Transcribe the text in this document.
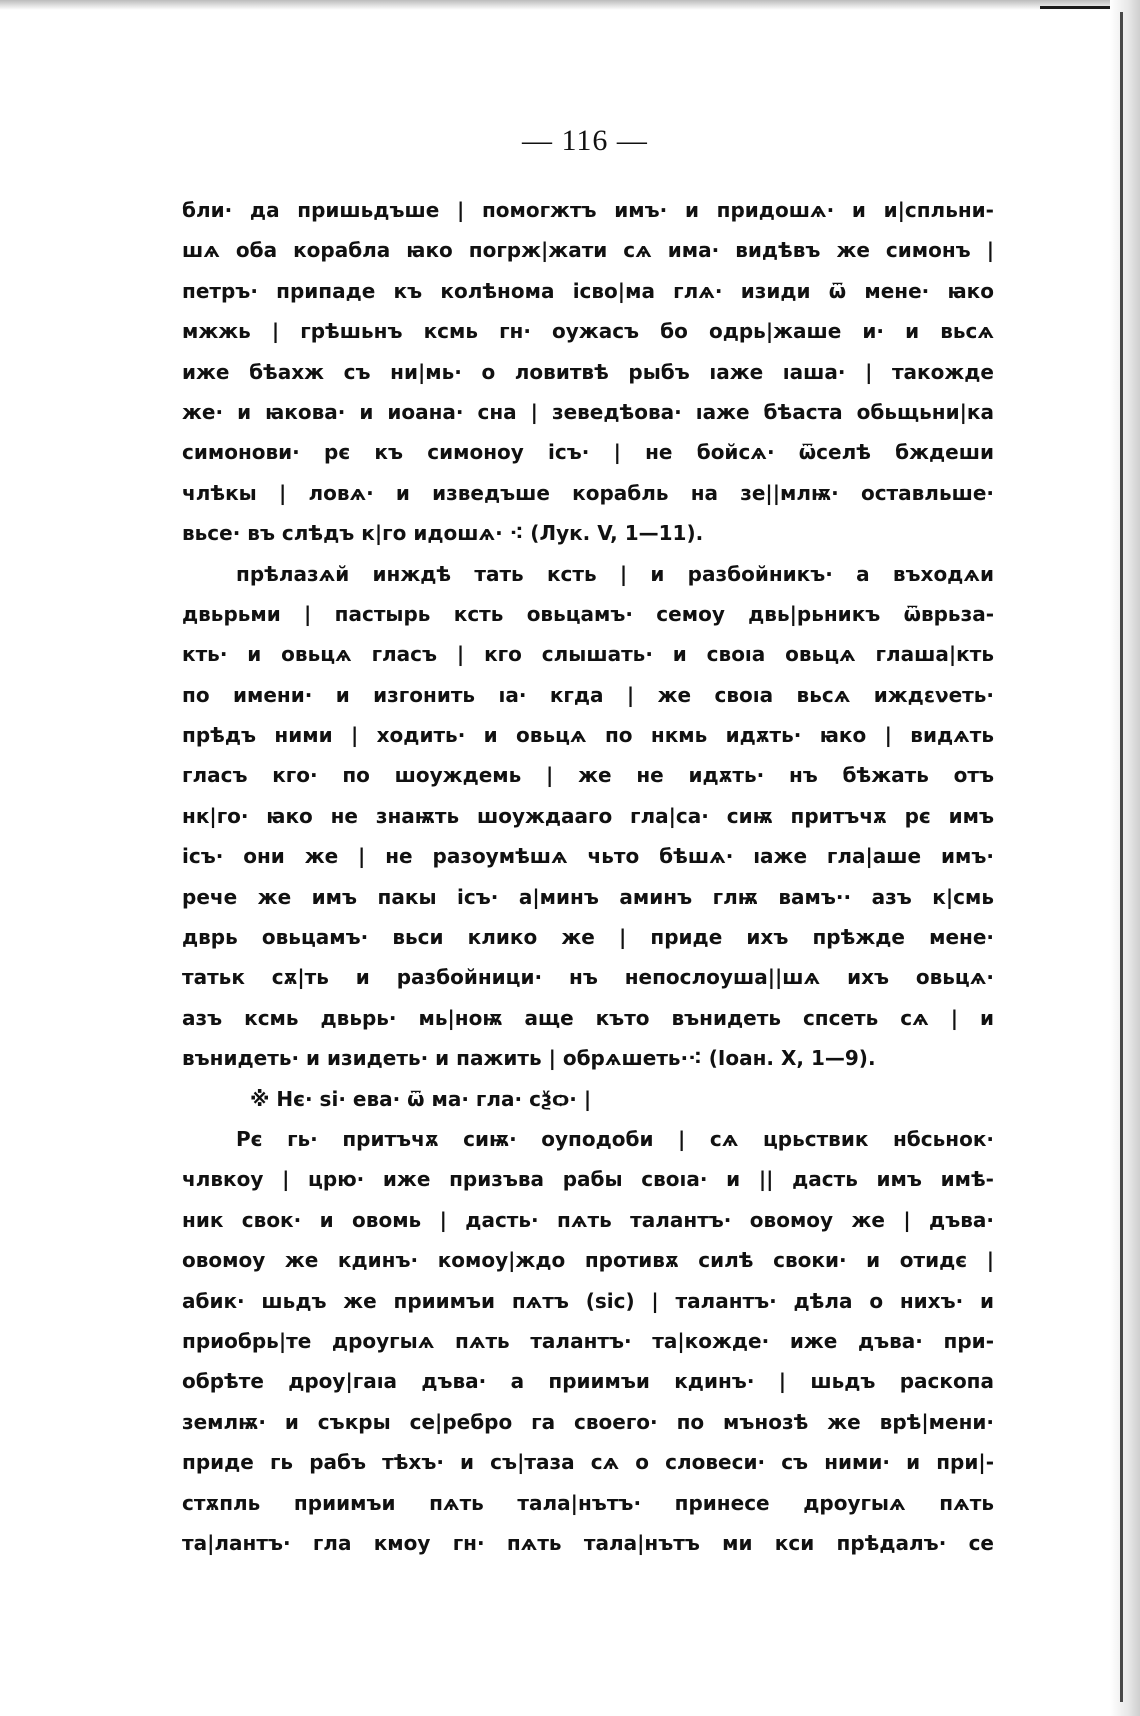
— 116 —
бли· да пришьдъше | помогжтъ имъ· и придошѧ· и и|спльни-
шѧ оба корабла ꙗко погрж|жати сѧ има· видѣвъ же симонъ |
петръ· припаде къ колѣнома ісво|ма глѧ· изиди ѿ мене· ꙗко
мжжь | грѣшьнъ ксмь гн· оужасъ бо одрь|жаше и· и вьсѧ
иже бѣахж съ ни|мь· о ловитвѣ рыбъ ıаже ıаша· | такожде
же· и ꙗкова· и иоана· сна | зеведѣова· ıаже бѣаста обьщьни|ка
симонови· рє къ симоноу ісъ· | не бойсѧ· ѿселѣ бждеши
члѣкы | ловѧ· и изведъше корабль на зе||млѭ· оставльше·
вьсе· въ слѣдъ к|го идошѧ· ⁖ (Лук. V, 1—11).
прѣлазѧй инждѣ тать ксть | и разбойникъ· а въходѧи
двьрьми | пастырь ксть овьцамъ· семоу двь|рьникъ ѿврьза-
кть· и овьцѧ гласъ | кго слышать· и своıа овьцѧ глаша|кть
по имени· и изгонить ıа· кгда | же своıа вьсѧ иждενеть·
прѣдъ ними | ходить· и овьцѧ по нкмь идѫть· ꙗко | видѧть
гласъ кго· по шоуждемь | же не идѫть· нъ бѣжать отъ
нк|го· ꙗко не знаѭть шоуждааго гла|са· сиѭ притъчѫ рє имъ
ісъ· они же | не разоумѣшѧ чьто бѣшѧ· ıаже гла|аше имъ·
рече же имъ пакы ісъ· а|минъ аминъ глѭ вамъ·· азъ к|смь
дврь овьцамъ· вьси кликo же | приде ихъ прѣжде мене·
татьк сѫ|ть и разбойници· нъ непослоуша||шѧ ихъ овьцѧ·
азъ ксмь двьрь· мь|ноѭ аще къто вънидеть спсеть сѧ | и
вънидеть· и изидеть· и пажить | обрѧшеть·⁖ (Іоан. X, 1—9).
※ Нє· ѕі· ева· ѿ ма· гла· сѯѻ· |
Рє гь· притъчѫ сиѭ· оуподоби | сѧ црьствик нбсьнок·
члвкоу | црю· иже призъва рабы своıа· и || дасть имъ имѣ-
ник свок· и овомь | дасть· пѧть талантъ· овомоу же | дъва·
овомоу же кдинъ· комоу|ждо противѫ силѣ своки· и отидє |
абик· шьдъ же приимъи пѧтъ (sic) | талантъ· дѣла о нихъ· и
приобрь|те дроугыѧ пѧть талантъ· та|кожде· иже дъва· при-
обрѣте дроу|гаıа дъва· а приимъи кдинъ· | шьдъ раскопа
землѭ· и съкры се|ребро га своего· по мънозѣ же врѣ|мени·
приде гь рабъ тѣхъ· и съ|таза сѧ о словеси· съ ними· и при|-
стѫпль приимъи пѧть тала|нътъ· принесе дроугыѧ пѧть
та|лантъ· гла кмоу гн· пѧть тала|нътъ ми кси прѣдалъ· се
